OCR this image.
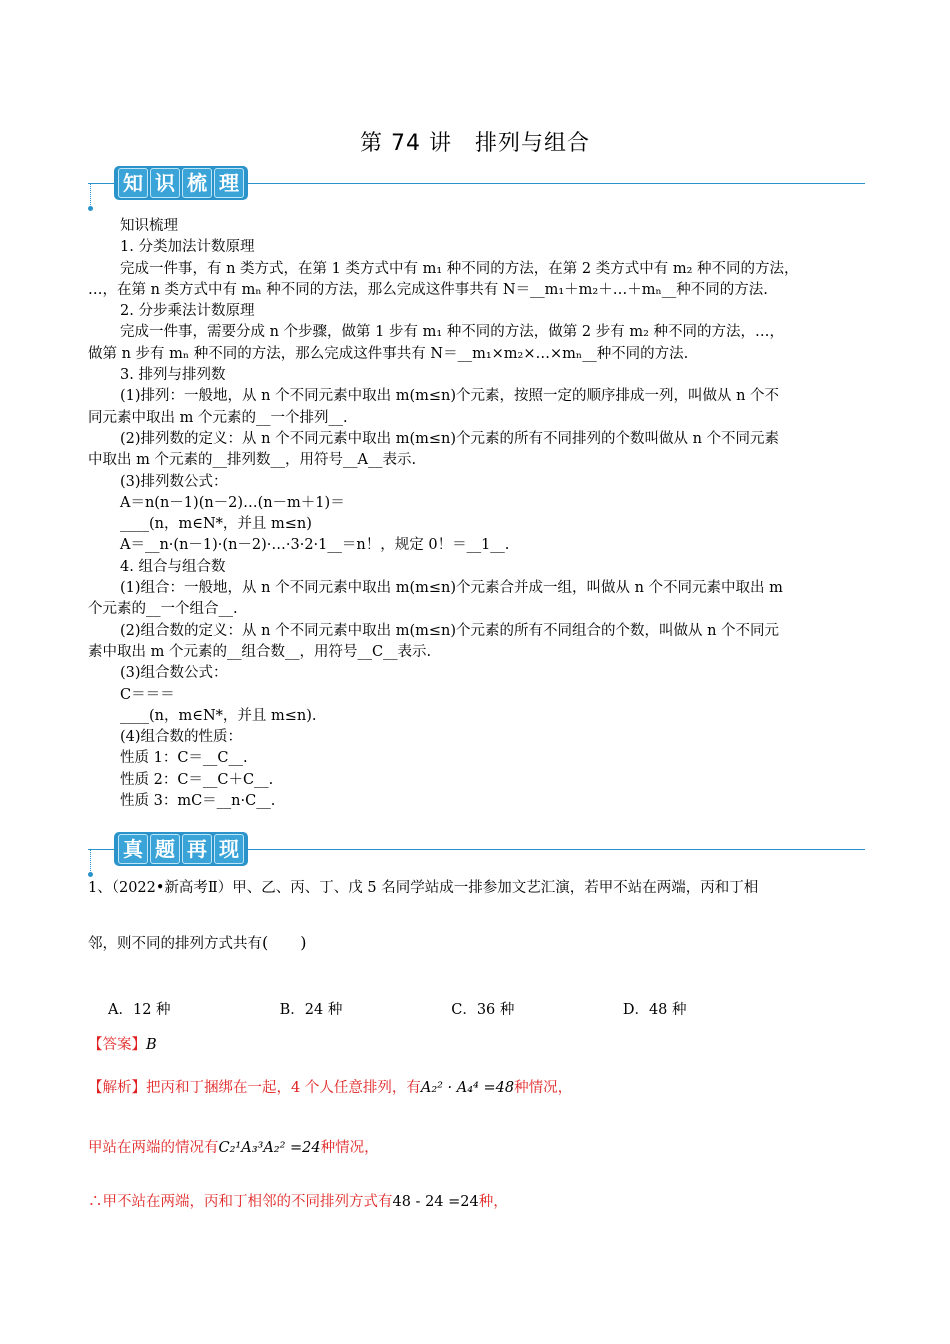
第 74 讲　排列与组合
知 识 梳 理

知识梳理

1. 分类加法计数原理

完成一件事，有 n 类方式，在第 1 类方式中有 m₁ 种不同的方法，在第 2 类方式中有 m₂ 种不同的方法，

…，在第 n 类方式中有 mₙ 种不同的方法，那么完成这件事共有 N＝__m₁＋m₂＋…＋mₙ__种不同的方法.

2. 分步乘法计数原理

完成一件事，需要分成 n 个步骤，做第 1 步有 m₁ 种不同的方法，做第 2 步有 m₂ 种不同的方法，…，

做第 n 步有 mₙ 种不同的方法，那么完成这件事共有 N＝__m₁×m₂×…×mₙ__种不同的方法.

3. 排列与排列数

(1)排列：一般地，从 n 个不同元素中取出 m(m≤n)个元素，按照一定的顺序排成一列，叫做从 n 个不

同元素中取出 m 个元素的__一个排列__.

(2)排列数的定义：从 n 个不同元素中取出 m(m≤n)个元素的所有不同排列的个数叫做从 n 个不同元素

中取出 m 个元素的__排列数__，用符号__A__表示.

(3)排列数公式：

A＝n(n－1)(n－2)…(n－m＋1)＝

____(n，m∈N*，并且 m≤n)

A＝__n·(n－1)·(n－2)·…·3·2·1__＝n！，规定 0！＝__1__.

4. 组合与组合数

(1)组合：一般地，从 n 个不同元素中取出 m(m≤n)个元素合并成一组，叫做从 n 个不同元素中取出 m

个元素的__一个组合__.

(2)组合数的定义：从 n 个不同元素中取出 m(m≤n)个元素的所有不同组合的个数，叫做从 n 个不同元

素中取出 m 个元素的__组合数__，用符号__C__表示.

(3)组合数公式：

C＝＝＝

____(n，m∈N*，并且 m≤n).

(4)组合数的性质：

性质 1：C＝__C__.

性质 2：C＝__C＋C__.

性质 3：mC＝__n·C__.

真 题 再 现

1、（2022•新高考Ⅱ）甲、乙、丙、丁、戊 5 名同学站成一排参加文艺汇演，若甲不站在两端，丙和丁相

邻，则不同的排列方式共有(　　)

A．12 种	B．24 种	C．36 种	D．48 种

【答案】B

【解析】把丙和丁捆绑在一起，4 个人任意排列，有A₂² · A₄⁴ =48种情况，

甲站在两端的情况有C₂¹A₃³A₂² =24种情况，

∴甲不站在两端，丙和丁相邻的不同排列方式有48 - 24 =24种，
